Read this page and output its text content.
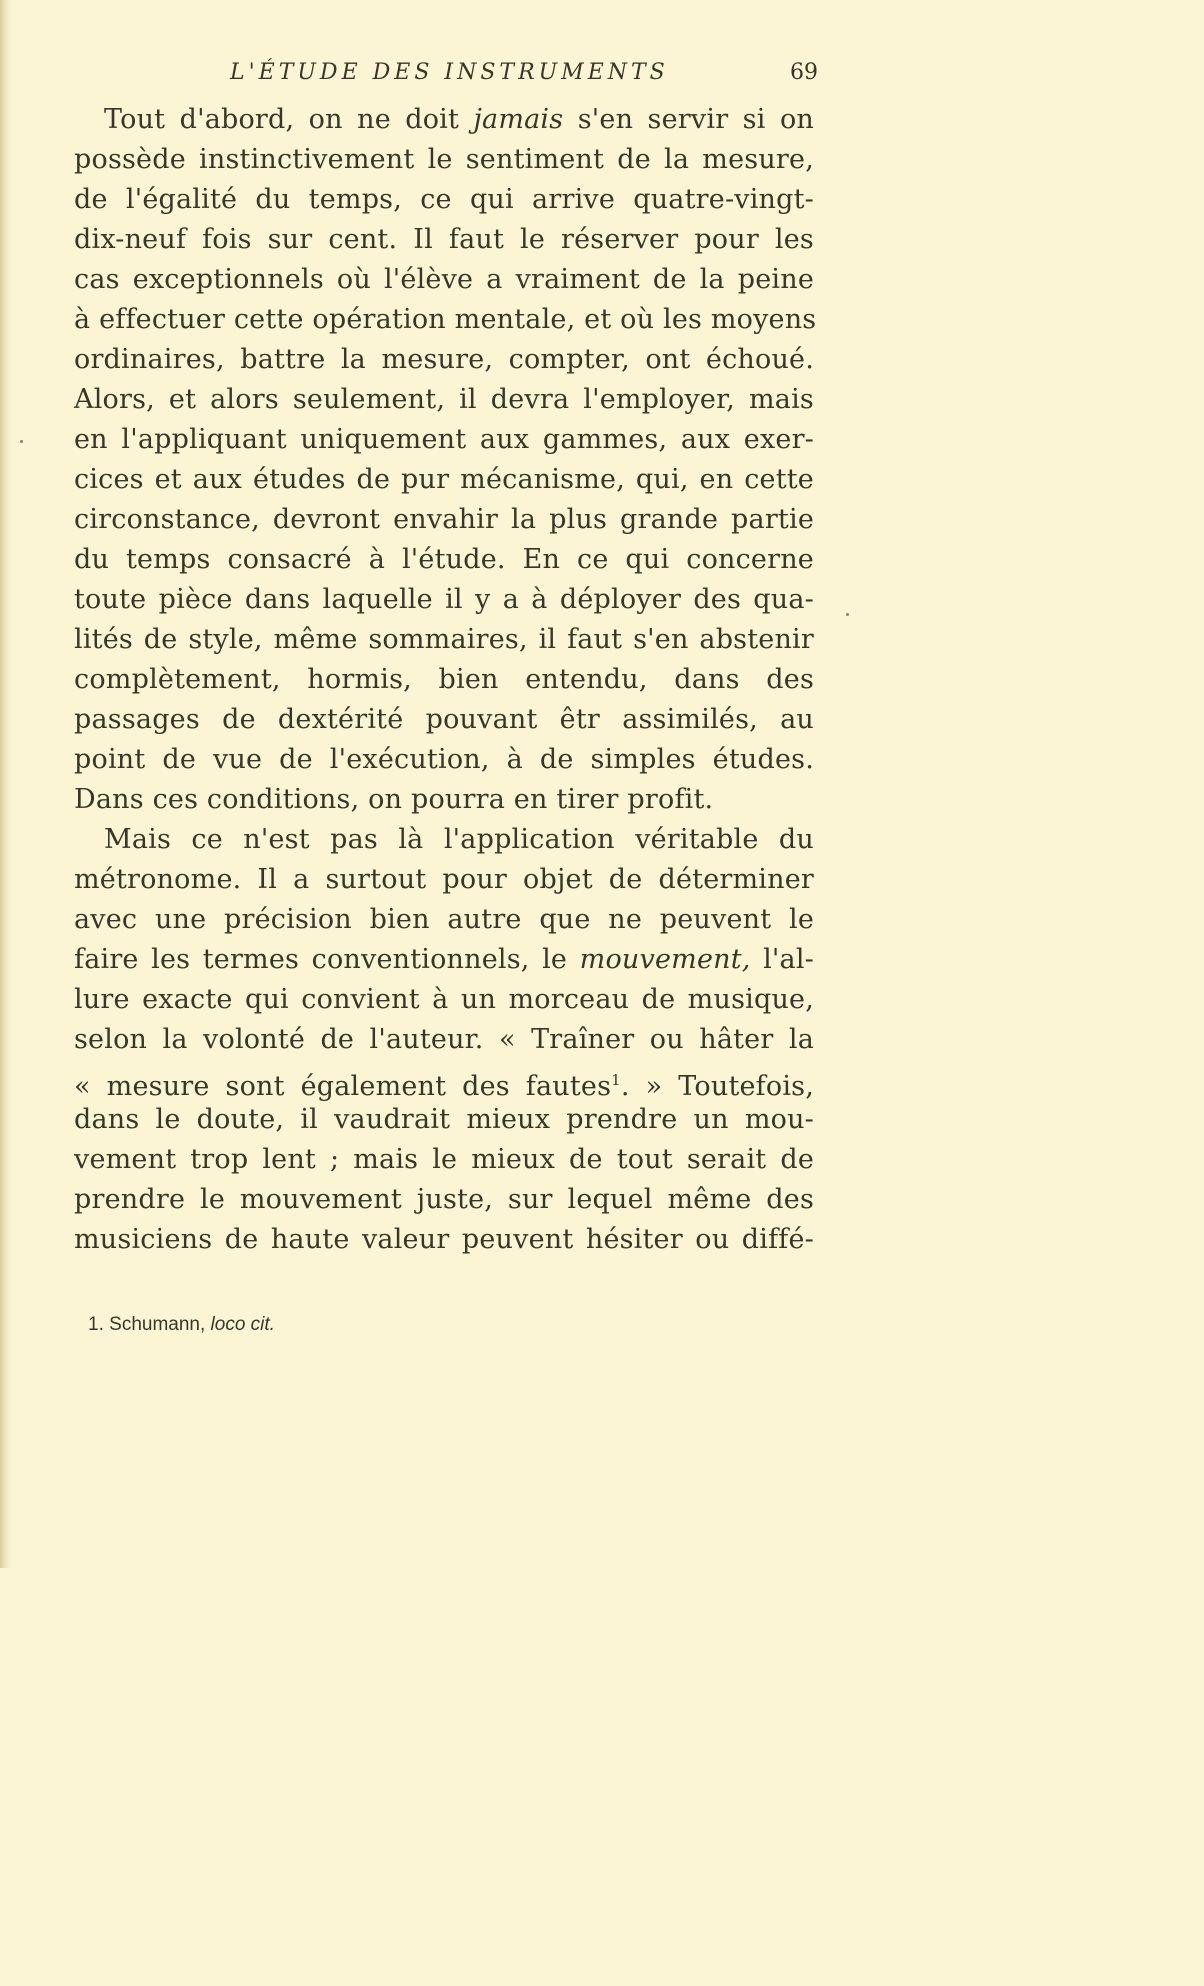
L'ÉTUDE DES INSTRUMENTS	69
Tout d'abord, on ne doit jamais s'en servir si on
possède instinctivement le sentiment de la mesure,
de l'égalité du temps, ce qui arrive quatre-vingt-
dix-neuf fois sur cent. Il faut le réserver pour les
cas exceptionnels où l'élève a vraiment de la peine
à effectuer cette opération mentale, et où les moyens
ordinaires, battre la mesure, compter, ont échoué.
Alors, et alors seulement, il devra l'employer, mais
en l'appliquant uniquement aux gammes, aux exer-
cices et aux études de pur mécanisme, qui, en cette
circonstance, devront envahir la plus grande partie
du temps consacré à l'étude. En ce qui concerne
toute pièce dans laquelle il y a à déployer des qua-
lités de style, même sommaires, il faut s'en abstenir
complètement, hormis, bien entendu, dans des
passages de dextérité pouvant êtr assimilés, au
point de vue de l'exécution, à de simples études.
Dans ces conditions, on pourra en tirer profit.
Mais ce n'est pas là l'application véritable du
métronome. Il a surtout pour objet de déterminer
avec une précision bien autre que ne peuvent le
faire les termes conventionnels, le mouvement, l'al-
lure exacte qui convient à un morceau de musique,
selon la volonté de l'auteur. « Traîner ou hâter la
« mesure sont également des fautes$^1$. » Toutefois,
dans le doute, il vaudrait mieux prendre un mou-
vement trop lent ; mais le mieux de tout serait de
prendre le mouvement juste, sur lequel même des
musiciens de haute valeur peuvent hésiter ou diffé-
1. Schumann, loco cit.
